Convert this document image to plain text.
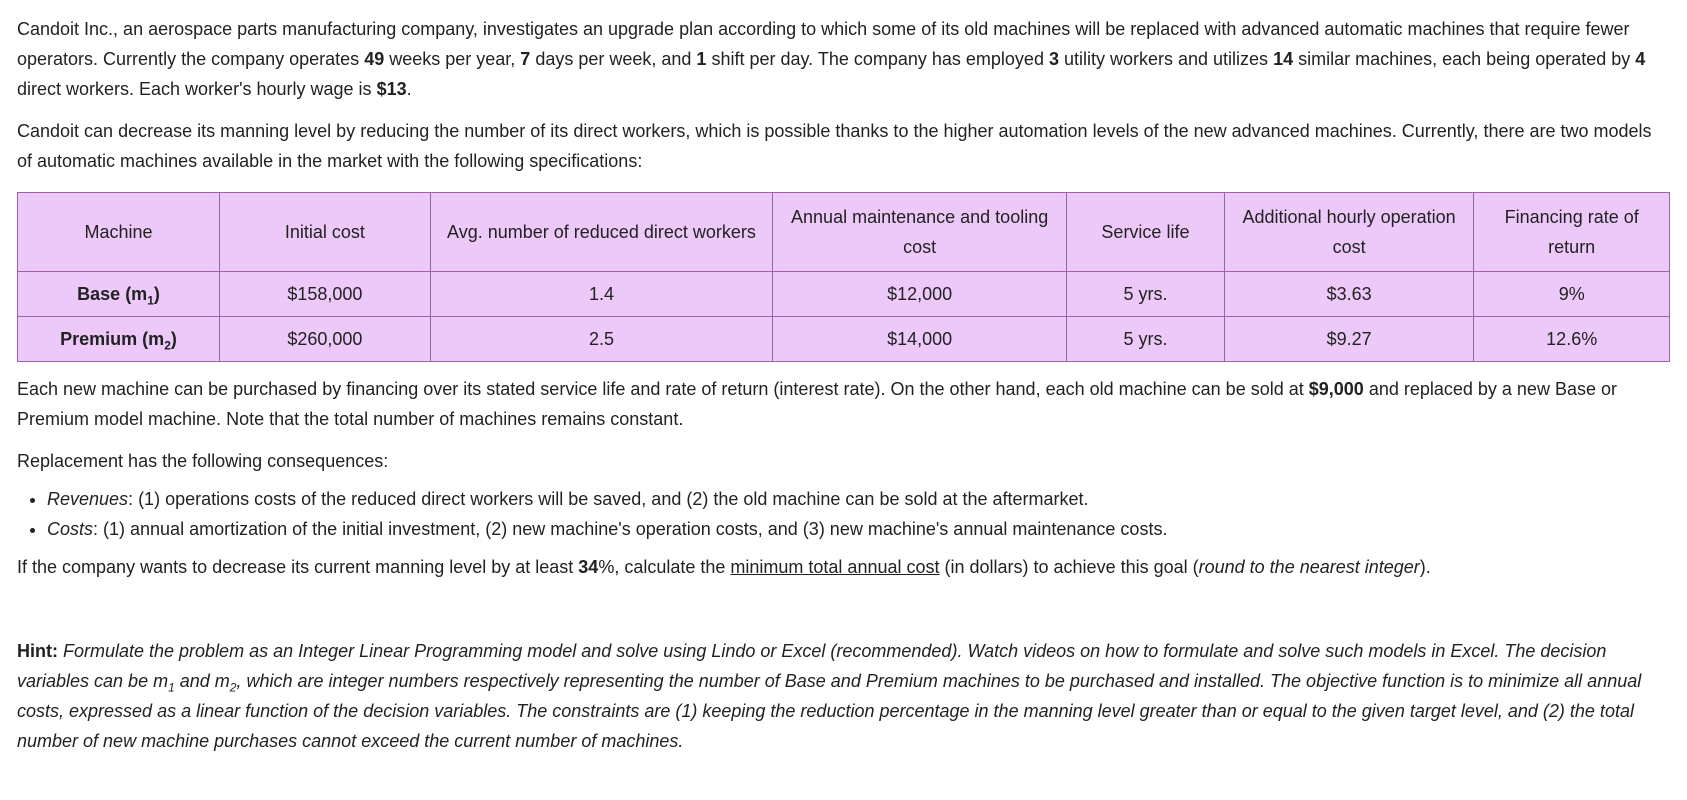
Candoit Inc., an aerospace parts manufacturing company, investigates an upgrade plan according to which some of its old machines will be replaced with advanced automatic machines that require fewer operators. Currently the company operates 49 weeks per year, 7 days per week, and 1 shift per day. The company has employed 3 utility workers and utilizes 14 similar machines, each being operated by 4 direct workers. Each worker's hourly wage is $13.

Candoit can decrease its manning level by reducing the number of its direct workers, which is possible thanks to the higher automation levels of the new advanced machines. Currently, there are two models of automatic machines available in the market with the following specifications:

Machine	Initial cost	Avg. number of reduced direct workers	Annual maintenance and tooling cost	Service life	Additional hourly operation cost	Financing rate of return
Base $(m_1)$	$158,000	1.4	$12,000	5 yrs.	$3.63	9%
Premium $(m_2)$	$260,000	2.5	$14,000	5 yrs.	$9.27	12.6%

Each new machine can be purchased by financing over its stated service life and rate of return (interest rate). On the other hand, each old machine can be sold at $9,000 and replaced by a new Base or Premium model machine. Note that the total number of machines remains constant.

Replacement has the following consequences:

• Revenues: (1) operations costs of the reduced direct workers will be saved, and (2) the old machine can be sold at the aftermarket.
• Costs: (1) annual amortization of the initial investment, (2) new machine's operation costs, and (3) new machine's annual maintenance costs.

If the company wants to decrease its current manning level by at least 34%, calculate the minimum total annual cost (in dollars) to achieve this goal (round to the nearest integer).

Hint: Formulate the problem as an Integer Linear Programming model and solve using Lindo or Excel (recommended). Watch videos on how to formulate and solve such models in Excel. The decision variables can be $m_1$ and $m_2$, which are integer numbers respectively representing the number of Base and Premium machines to be purchased and installed. The objective function is to minimize all annual costs, expressed as a linear function of the decision variables. The constraints are (1) keeping the reduction percentage in the manning level greater than or equal to the given target level, and (2) the total number of new machine purchases cannot exceed the current number of machines.
